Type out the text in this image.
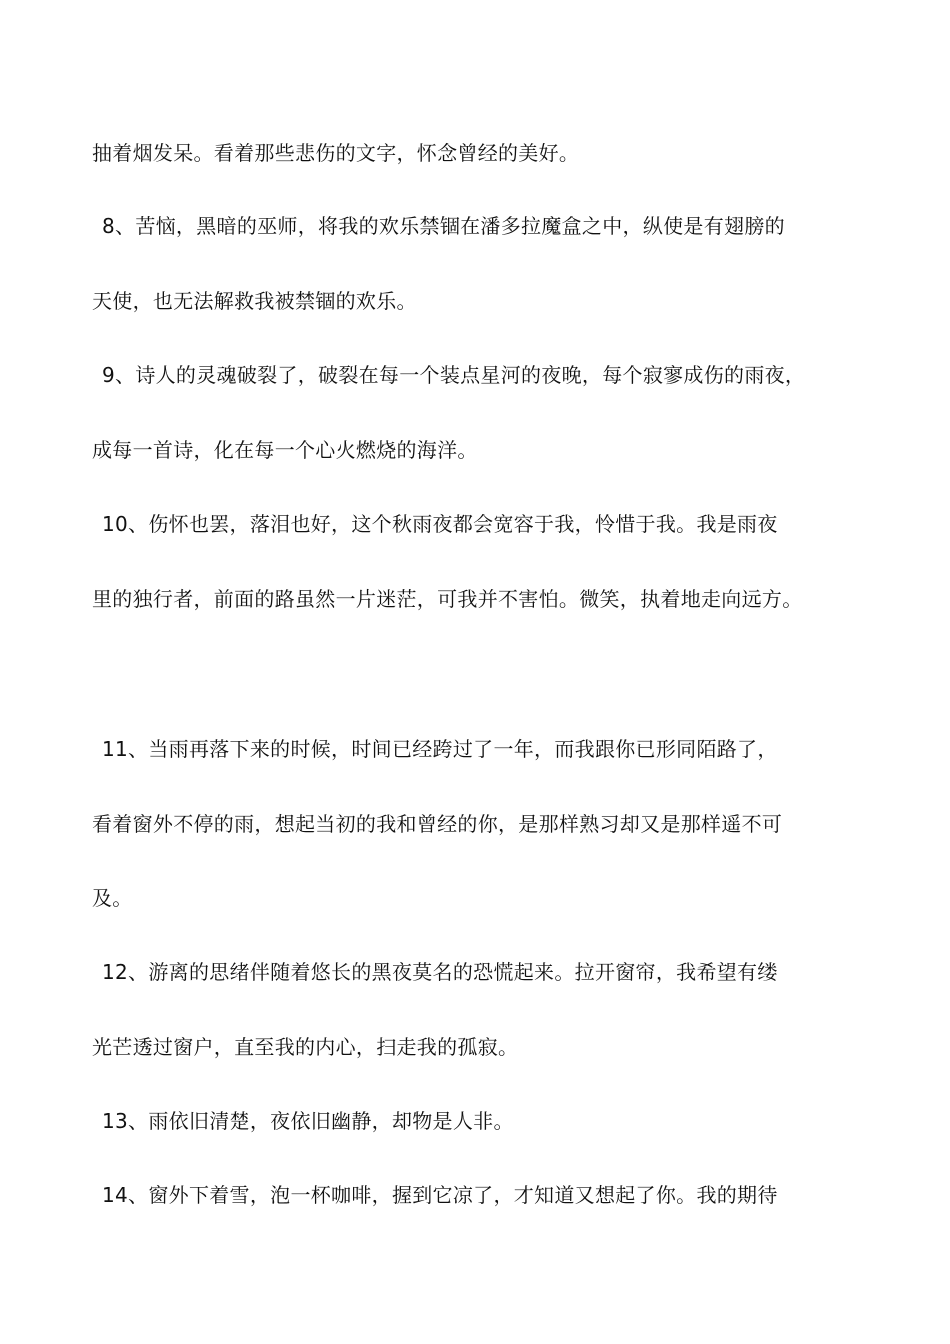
抽着烟发呆。看着那些悲伤的文字，怀念曾经的美好。
8、苦恼，黑暗的巫师，将我的欢乐禁锢在潘多拉魔盒之中，纵使是有翅膀的
天使，也无法解救我被禁锢的欢乐。
9、诗人的灵魂破裂了，破裂在每一个装点星河的夜晚，每个寂寥成伤的雨夜，
成每一首诗，化在每一个心火燃烧的海洋。
10、伤怀也罢，落泪也好，这个秋雨夜都会宽容于我，怜惜于我。我是雨夜
里的独行者，前面的路虽然一片迷茫，可我并不害怕。微笑，执着地走向远方。
11、当雨再落下来的时候，时间已经跨过了一年，而我跟你已形同陌路了，
看着窗外不停的雨，想起当初的我和曾经的你，是那样熟习却又是那样遥不可
及。
12、游离的思绪伴随着悠长的黑夜莫名的恐慌起来。拉开窗帘，我希望有缕
光芒透过窗户，直至我的内心，扫走我的孤寂。
13、雨依旧清楚，夜依旧幽静，却物是人非。
14、窗外下着雪，泡一杯咖啡，握到它凉了，才知道又想起了你。我的期待
